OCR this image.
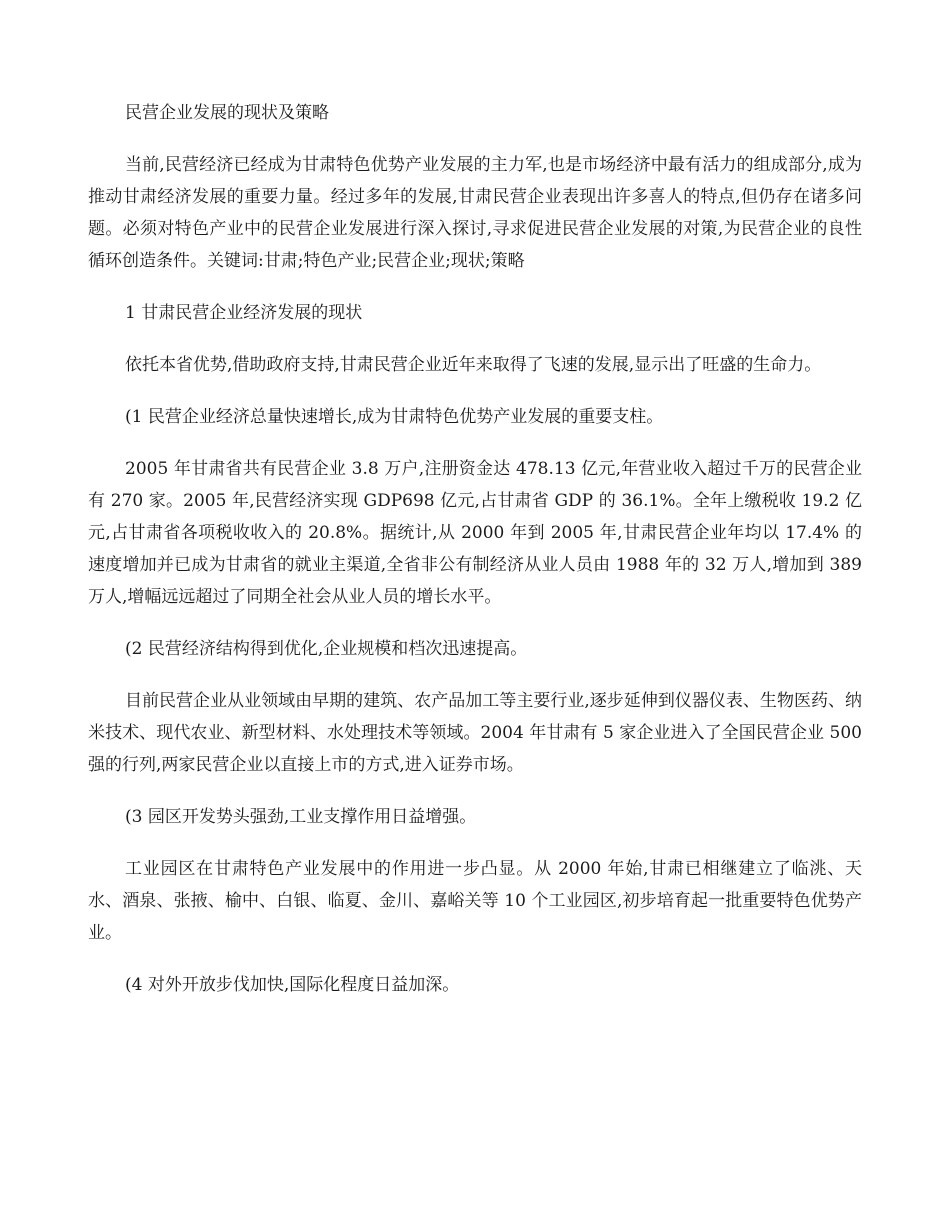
民营企业发展的现状及策略

当前,民营经济已经成为甘肃特色优势产业发展的主力军,也是市场经济中最有活力的组成部分,成为推动甘肃经济发展的重要力量。经过多年的发展,甘肃民营企业表现出许多喜人的特点,但仍存在诸多问题。必须对特色产业中的民营企业发展进行深入探讨,寻求促进民营企业发展的对策,为民营企业的良性循环创造条件。关键词:甘肃;特色产业;民营企业;现状;策略

1 甘肃民营企业经济发展的现状

依托本省优势,借助政府支持,甘肃民营企业近年来取得了飞速的发展,显示出了旺盛的生命力。

(1 民营企业经济总量快速增长,成为甘肃特色优势产业发展的重要支柱。

2005 年甘肃省共有民营企业 3.8 万户,注册资金达 478.13 亿元,年营业收入超过千万的民营企业有 270 家。2005 年,民营经济实现 GDP698 亿元,占甘肃省 GDP 的 36.1%。全年上缴税收 19.2 亿元,占甘肃省各项税收收入的 20.8%。据统计,从 2000 年到 2005 年,甘肃民营企业年均以 17.4% 的速度增加并已成为甘肃省的就业主渠道,全省非公有制经济从业人员由 1988 年的 32 万人,增加到 389 万人,增幅远远超过了同期全社会从业人员的增长水平。

(2 民营经济结构得到优化,企业规模和档次迅速提高。

目前民营企业从业领域由早期的建筑、农产品加工等主要行业,逐步延伸到仪器仪表、生物医药、纳米技术、现代农业、新型材料、水处理技术等领域。2004 年甘肃有 5 家企业进入了全国民营企业 500 强的行列,两家民营企业以直接上市的方式,进入证券市场。

(3 园区开发势头强劲,工业支撑作用日益增强。

工业园区在甘肃特色产业发展中的作用进一步凸显。从 2000 年始,甘肃已相继建立了临洮、天水、酒泉、张掖、榆中、白银、临夏、金川、嘉峪关等 10 个工业园区,初步培育起一批重要特色优势产业。

(4 对外开放步伐加快,国际化程度日益加深。
